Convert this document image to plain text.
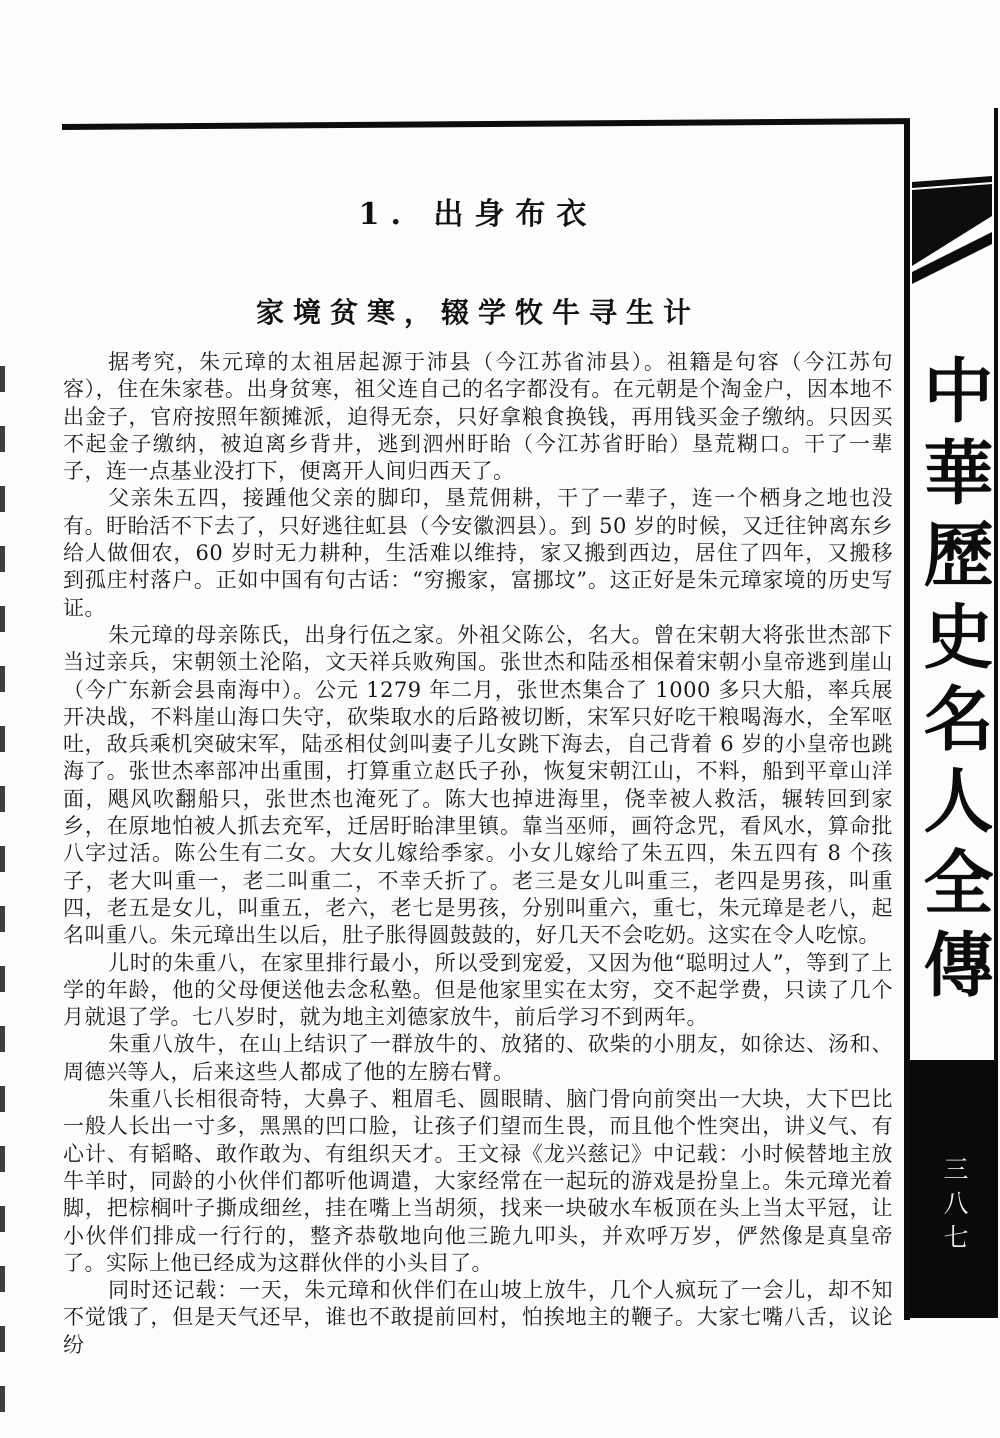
中華歷史名人全傳
三八七
1. 出身布衣
家境贫寒，辍学牧牛寻生计

据考究，朱元璋的太祖居起源于沛县（今江苏省沛县）。祖籍是句容（今江苏句容），住在朱家巷。出身贫寒，祖父连自己的名字都没有。在元朝是个淘金户，因本地不出金子，官府按照年额摊派，迫得无奈，只好拿粮食换钱，再用钱买金子缴纳。只因买不起金子缴纳，被迫离乡背井，逃到泗州盱眙（今江苏省盱眙）垦荒糊口。干了一辈子，连一点基业没打下，便离开人间归西天了。

父亲朱五四，接踵他父亲的脚印，垦荒佣耕，干了一辈子，连一个栖身之地也没有。盱眙活不下去了，只好逃往虹县（今安徽泗县）。到 50 岁的时候，又迁往钟离东乡给人做佃农，60 岁时无力耕种，生活难以维持，家又搬到西边，居住了四年，又搬移到孤庄村落户。正如中国有句古话：“穷搬家，富挪坟”。这正好是朱元璋家境的历史写证。

朱元璋的母亲陈氏，出身行伍之家。外祖父陈公，名大。曾在宋朝大将张世杰部下当过亲兵，宋朝领土沦陷，文天祥兵败殉国。张世杰和陆丞相保着宋朝小皇帝逃到崖山（今广东新会县南海中）。公元 1279 年二月，张世杰集合了 1000 多只大船，率兵展开决战，不料崖山海口失守，砍柴取水的后路被切断，宋军只好吃干粮喝海水，全军呕吐，敌兵乘机突破宋军，陆丞相仗剑叫妻子儿女跳下海去，自己背着 6 岁的小皇帝也跳海了。张世杰率部冲出重围，打算重立赵氏子孙，恢复宋朝江山，不料，船到平章山洋面，飓风吹翻船只，张世杰也淹死了。陈大也掉进海里，侥幸被人救活，辗转回到家乡，在原地怕被人抓去充军，迁居盱眙津里镇。靠当巫师，画符念咒，看风水，算命批八字过活。陈公生有二女。大女儿嫁给季家。小女儿嫁给了朱五四，朱五四有 8 个孩子，老大叫重一，老二叫重二，不幸夭折了。老三是女儿叫重三，老四是男孩，叫重四，老五是女儿，叫重五，老六，老七是男孩，分别叫重六，重七，朱元璋是老八，起名叫重八。朱元璋出生以后，肚子胀得圆鼓鼓的，好几天不会吃奶。这实在令人吃惊。

儿时的朱重八，在家里排行最小，所以受到宠爱，又因为他“聪明过人”，等到了上学的年龄，他的父母便送他去念私塾。但是他家里实在太穷，交不起学费，只读了几个月就退了学。七八岁时，就为地主刘德家放牛，前后学习不到两年。

朱重八放牛，在山上结识了一群放牛的、放猪的、砍柴的小朋友，如徐达、汤和、周德兴等人，后来这些人都成了他的左膀右臂。

朱重八长相很奇特，大鼻子、粗眉毛、圆眼睛、脑门骨向前突出一大块，大下巴比一般人长出一寸多，黑黑的凹口脸，让孩子们望而生畏，而且他个性突出，讲义气、有心计、有韬略、敢作敢为、有组织天才。王文禄《龙兴慈记》中记载：小时候替地主放牛羊时，同龄的小伙伴们都听他调遣，大家经常在一起玩的游戏是扮皇上。朱元璋光着脚，把棕榈叶子撕成细丝，挂在嘴上当胡须，找来一块破水车板顶在头上当太平冠，让小伙伴们排成一行行的，整齐恭敬地向他三跪九叩头，并欢呼万岁，俨然像是真皇帝了。实际上他已经成为这群伙伴的小头目了。

同时还记载：一天，朱元璋和伙伴们在山坡上放牛，几个人疯玩了一会儿，却不知不觉饿了，但是天气还早，谁也不敢提前回村，怕挨地主的鞭子。大家七嘴八舌，议论纷
